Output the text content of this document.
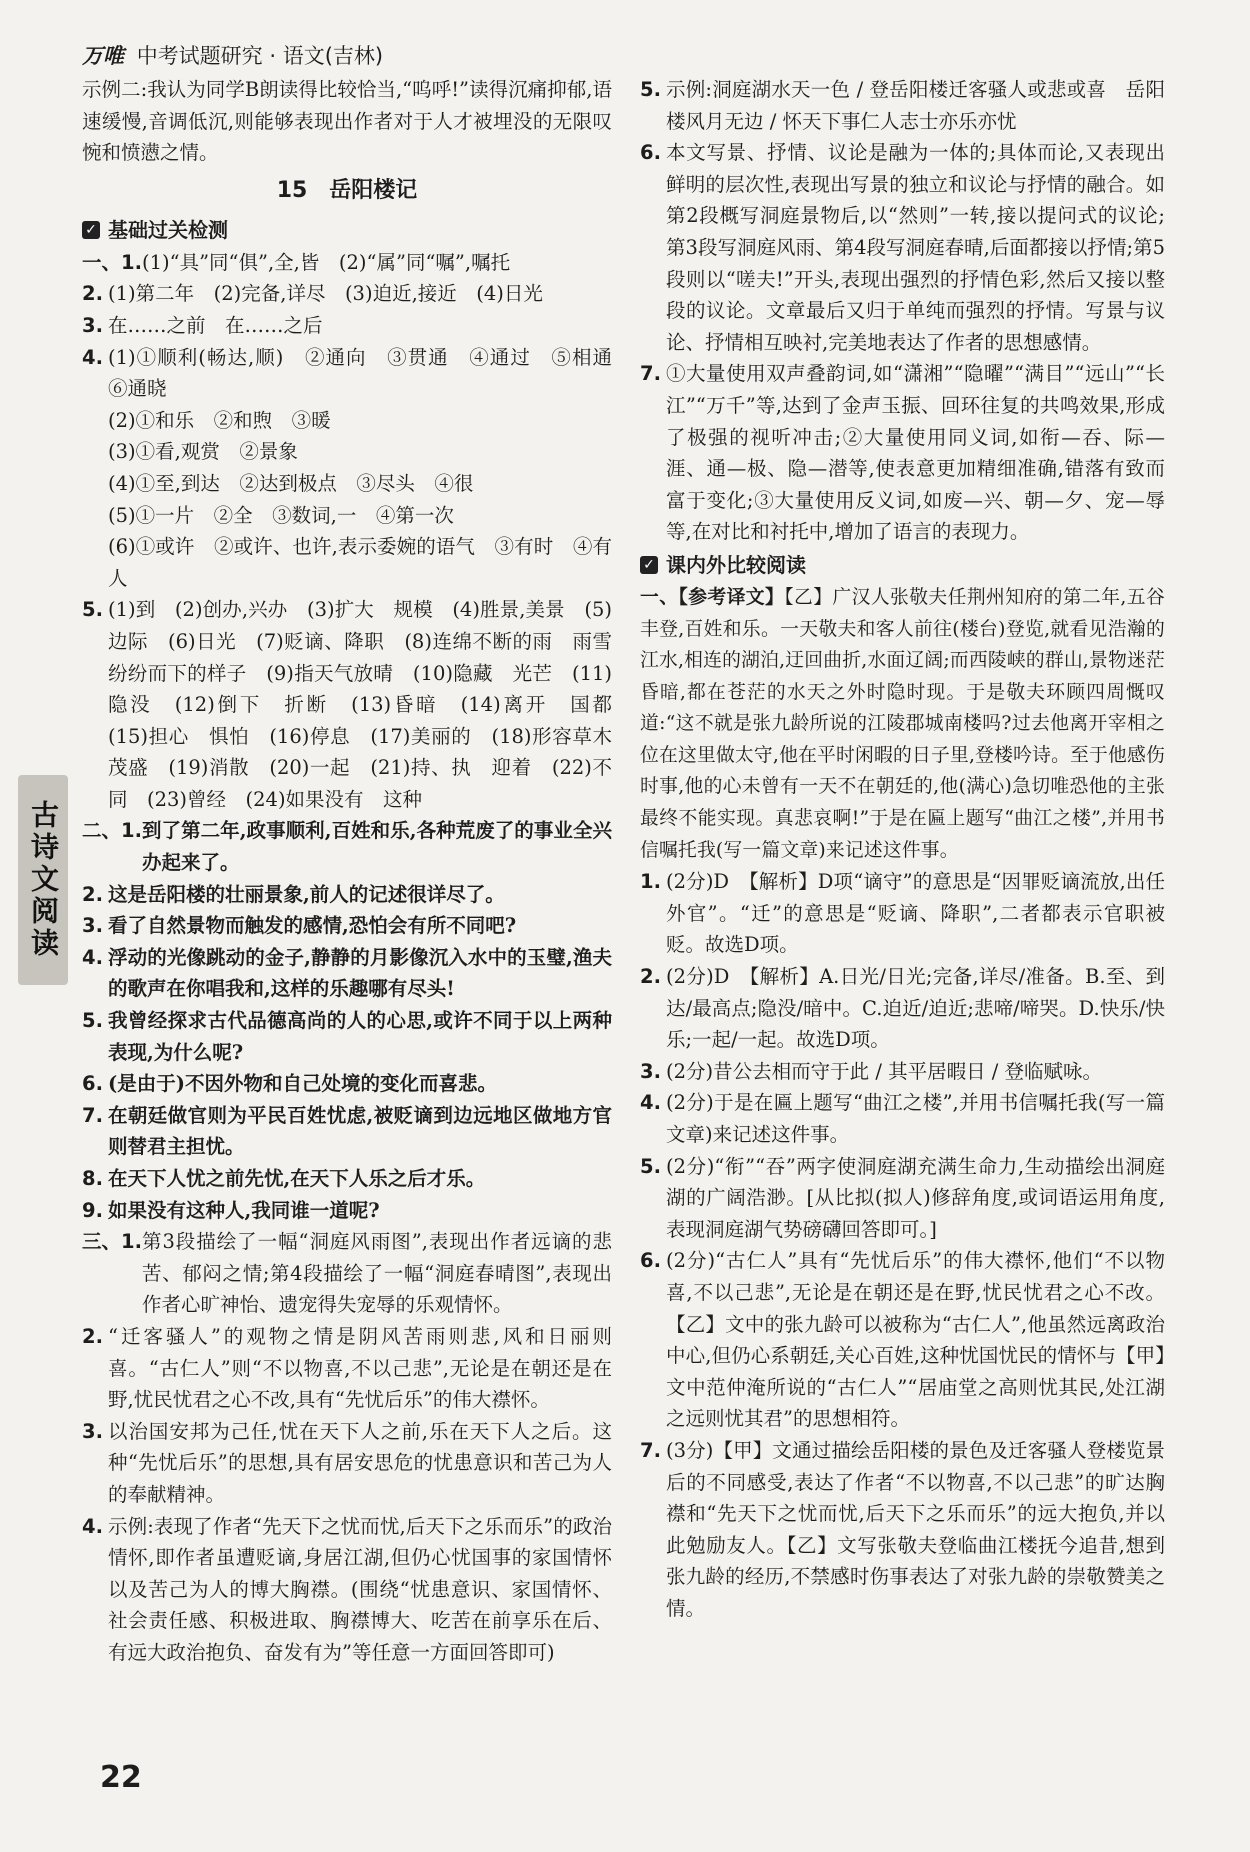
万唯 中考试题研究 · 语文(吉林)
古诗文阅读

示例二:我认为同学B朗读得比较恰当,“呜呼!”读得沉痛抑郁,语速缓慢,音调低沉,则能够表现出作者对于人才被埋没的无限叹惋和愤懑之情。

15　岳阳楼记
✓ 基础过关检测
一、1. (1)“具”同“俱”,全,皆　(2)“属”同“嘱”,嘱托
2. (1)第二年　(2)完备,详尽　(3)迫近,接近　(4)日光
3. 在……之前　在……之后
4. (1)①顺利(畅达,顺)　②通向　③贯通　④通过　⑤相通　⑥通晓
(2)①和乐　②和煦　③暖
(3)①看,观赏　②景象
(4)①至,到达　②达到极点　③尽头　④很
(5)①一片　②全　③数词,一　④第一次
(6)①或许　②或许、也许,表示委婉的语气　③有时　④有人
5. (1)到　(2)创办,兴办　(3)扩大　规模　(4)胜景,美景　(5)边际　(6)日光　(7)贬谪、降职　(8)连绵不断的雨　雨雪纷纷而下的样子　(9)指天气放晴　(10)隐藏　光芒　(11)隐没　(12)倒下　折断　(13)昏暗　(14)离开　国都　(15)担心　惧怕　(16)停息　(17)美丽的　(18)形容草木茂盛　(19)消散　(20)一起　(21)持、执　迎着　(22)不同　(23)曾经　(24)如果没有　这种
二、1. 到了第二年,政事顺利,百姓和乐,各种荒废了的事业全兴办起来了。
2. 这是岳阳楼的壮丽景象,前人的记述很详尽了。
3. 看了自然景物而触发的感情,恐怕会有所不同吧?
4. 浮动的光像跳动的金子,静静的月影像沉入水中的玉璧,渔夫的歌声在你唱我和,这样的乐趣哪有尽头!
5. 我曾经探求古代品德高尚的人的心思,或许不同于以上两种表现,为什么呢?
6. (是由于)不因外物和自己处境的变化而喜悲。
7. 在朝廷做官则为平民百姓忧虑,被贬谪到边远地区做地方官则替君主担忧。
8. 在天下人忧之前先忧,在天下人乐之后才乐。
9. 如果没有这种人,我同谁一道呢?
三、1. 第3段描绘了一幅“洞庭风雨图”,表现出作者远谪的悲苦、郁闷之情;第4段描绘了一幅“洞庭春晴图”,表现出作者心旷神怡、遗宠得失宠辱的乐观情怀。
2. “迁客骚人”的观物之情是阴风苦雨则悲,风和日丽则喜。“古仁人”则“不以物喜,不以己悲”,无论是在朝还是在野,忧民忧君之心不改,具有“先忧后乐”的伟大襟怀。
3. 以治国安邦为己任,忧在天下人之前,乐在天下人之后。这种“先忧后乐”的思想,具有居安思危的忧患意识和苦己为人的奉献精神。
4. 示例:表现了作者“先天下之忧而忧,后天下之乐而乐”的政治情怀,即作者虽遭贬谪,身居江湖,但仍心忧国事的家国情怀以及苦己为人的博大胸襟。(围绕“忧患意识、家国情怀、社会责任感、积极进取、胸襟博大、吃苦在前享乐在后、有远大政治抱负、奋发有为”等任意一方面回答即可)
5. 示例:洞庭湖水天一色 / 登岳阳楼迁客骚人或悲或喜　岳阳楼风月无边 / 怀天下事仁人志士亦乐亦忧
6. 本文写景、抒情、议论是融为一体的;具体而论,又表现出鲜明的层次性,表现出写景的独立和议论与抒情的融合。如第2段概写洞庭景物后,以“然则”一转,接以提问式的议论;第3段写洞庭风雨、第4段写洞庭春晴,后面都接以抒情;第5段则以“嗟夫!”开头,表现出强烈的抒情色彩,然后又接以整段的议论。文章最后又归于单纯而强烈的抒情。写景与议论、抒情相互映衬,完美地表达了作者的思想感情。
7. ①大量使用双声叠韵词,如“潇湘”“隐曜”“满目”“远山”“长江”“万千”等,达到了金声玉振、回环往复的共鸣效果,形成了极强的视听冲击;②大量使用同义词,如衔—吞、际—涯、通—极、隐—潜等,使表意更加精细准确,错落有致而富于变化;③大量使用反义词,如废—兴、朝—夕、宠—辱等,在对比和衬托中,增加了语言的表现力。
✓ 课内外比较阅读

一、【参考译文】【乙】广汉人张敬夫任荆州知府的第二年,五谷丰登,百姓和乐。一天敬夫和客人前往(楼台)登览,就看见浩瀚的江水,相连的湖泊,迂回曲折,水面辽阔;而西陵峡的群山,景物迷茫昏暗,都在苍茫的水天之外时隐时现。于是敬夫环顾四周慨叹道:“这不就是张九龄所说的江陵郡城南楼吗?过去他离开宰相之位在这里做太守,他在平时闲暇的日子里,登楼吟诗。至于他感伤时事,他的心未曾有一天不在朝廷的,他(满心)急切唯恐他的主张最终不能实现。真悲哀啊!”于是在匾上题写“曲江之楼”,并用书信嘱托我(写一篇文章)来记述这件事。

1. (2分)D　【解析】D项“谪守”的意思是“因罪贬谪流放,出任外官”。“迁”的意思是“贬谪、降职”,二者都表示官职被贬。故选D项。
2. (2分)D　【解析】A.日光/日光;完备,详尽/准备。B.至、到达/最高点;隐没/暗中。C.迫近/迫近;悲啼/啼哭。D.快乐/快乐;一起/一起。故选D项。
3. (2分)昔公去相而守于此 / 其平居暇日 / 登临赋咏。
4. (2分)于是在匾上题写“曲江之楼”,并用书信嘱托我(写一篇文章)来记述这件事。
5. (2分)“衔”“吞”两字使洞庭湖充满生命力,生动描绘出洞庭湖的广阔浩渺。[从比拟(拟人)修辞角度,或词语运用角度,表现洞庭湖气势磅礴回答即可。]
6. (2分)“古仁人”具有“先忧后乐”的伟大襟怀,他们“不以物喜,不以己悲”,无论是在朝还是在野,忧民忧君之心不改。【乙】文中的张九龄可以被称为“古仁人”,他虽然远离政治中心,但仍心系朝廷,关心百姓,这种忧国忧民的情怀与【甲】文中范仲淹所说的“古仁人”“居庙堂之高则忧其民,处江湖之远则忧其君”的思想相符。
7. (3分)【甲】文通过描绘岳阳楼的景色及迁客骚人登楼览景后的不同感受,表达了作者“不以物喜,不以己悲”的旷达胸襟和“先天下之忧而忧,后天下之乐而乐”的远大抱负,并以此勉励友人。【乙】文写张敬夫登临曲江楼抚今追昔,想到张九龄的经历,不禁感时伤事表达了对张九龄的崇敬赞美之情。
22
